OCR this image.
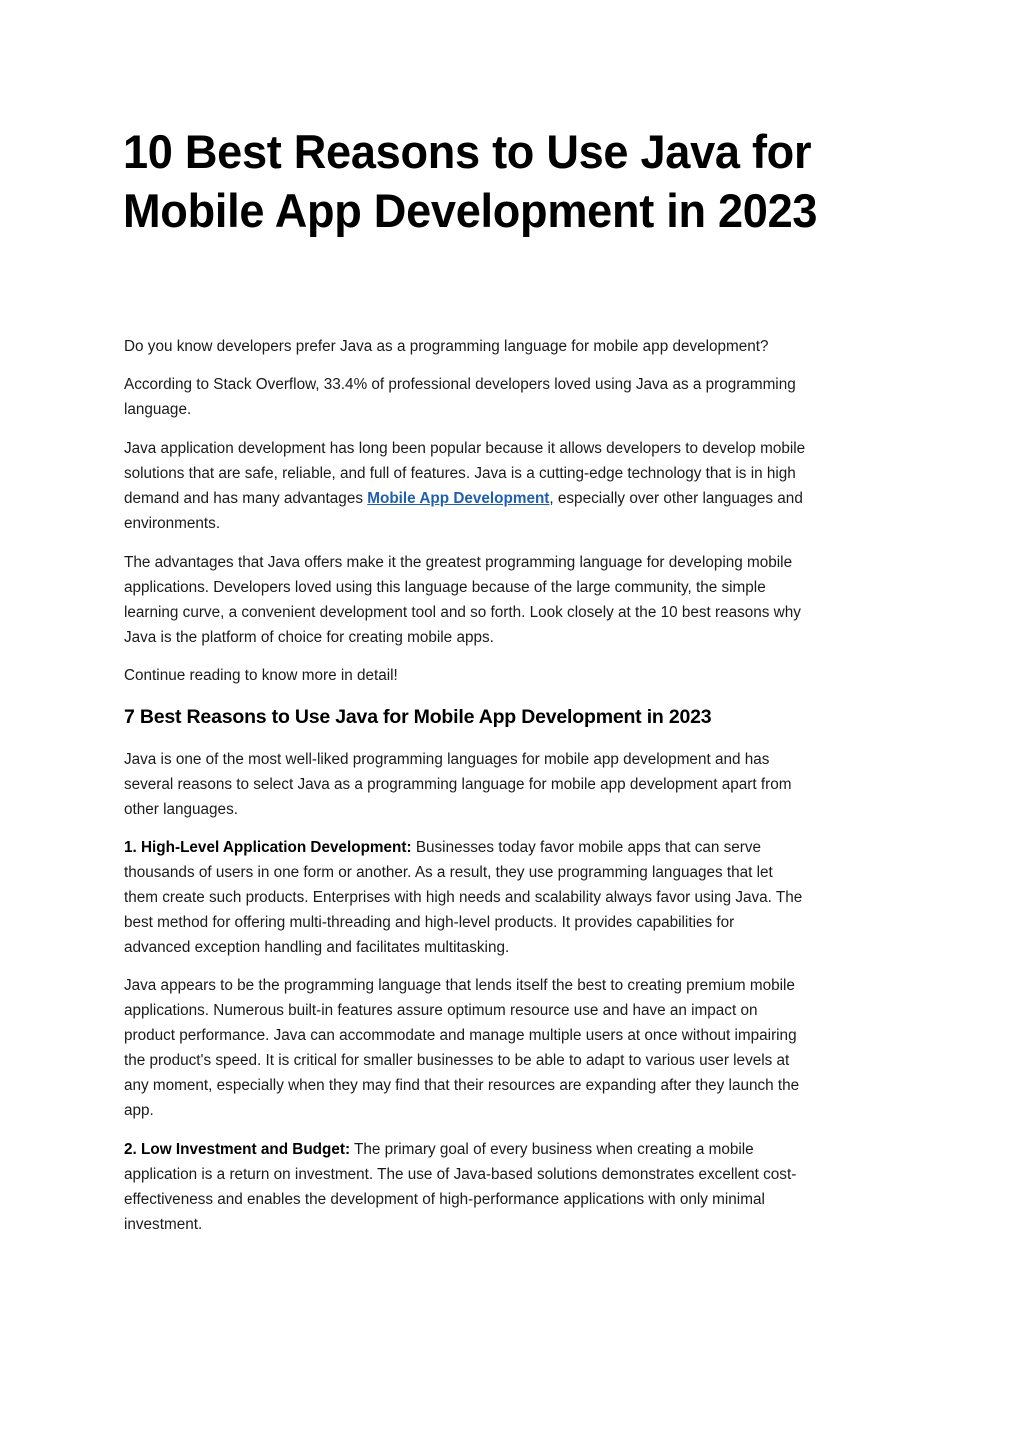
10 Best Reasons to Use Java for
Mobile App Development in 2023

Do you know developers prefer Java as a programming language for mobile app development?

According to Stack Overflow, 33.4% of professional developers loved using Java as a programming
language.

Java application development has long been popular because it allows developers to develop mobile
solutions that are safe, reliable, and full of features. Java is a cutting-edge technology that is in high
demand and has many advantages Mobile App Development, especially over other languages and
environments.

The advantages that Java offers make it the greatest programming language for developing mobile
applications. Developers loved using this language because of the large community, the simple
learning curve, a convenient development tool and so forth. Look closely at the 10 best reasons why
Java is the platform of choice for creating mobile apps.

Continue reading to know more in detail!

7 Best Reasons to Use Java for Mobile App Development in 2023

Java is one of the most well-liked programming languages for mobile app development and has
several reasons to select Java as a programming language for mobile app development apart from
other languages.

1. High-Level Application Development: Businesses today favor mobile apps that can serve
thousands of users in one form or another. As a result, they use programming languages that let
them create such products. Enterprises with high needs and scalability always favor using Java. The
best method for offering multi-threading and high-level products. It provides capabilities for
advanced exception handling and facilitates multitasking.

Java appears to be the programming language that lends itself the best to creating premium mobile
applications. Numerous built-in features assure optimum resource use and have an impact on
product performance. Java can accommodate and manage multiple users at once without impairing
the product's speed. It is critical for smaller businesses to be able to adapt to various user levels at
any moment, especially when they may find that their resources are expanding after they launch the
app.

2. Low Investment and Budget: The primary goal of every business when creating a mobile
application is a return on investment. The use of Java-based solutions demonstrates excellent cost-
effectiveness and enables the development of high-performance applications with only minimal
investment.
